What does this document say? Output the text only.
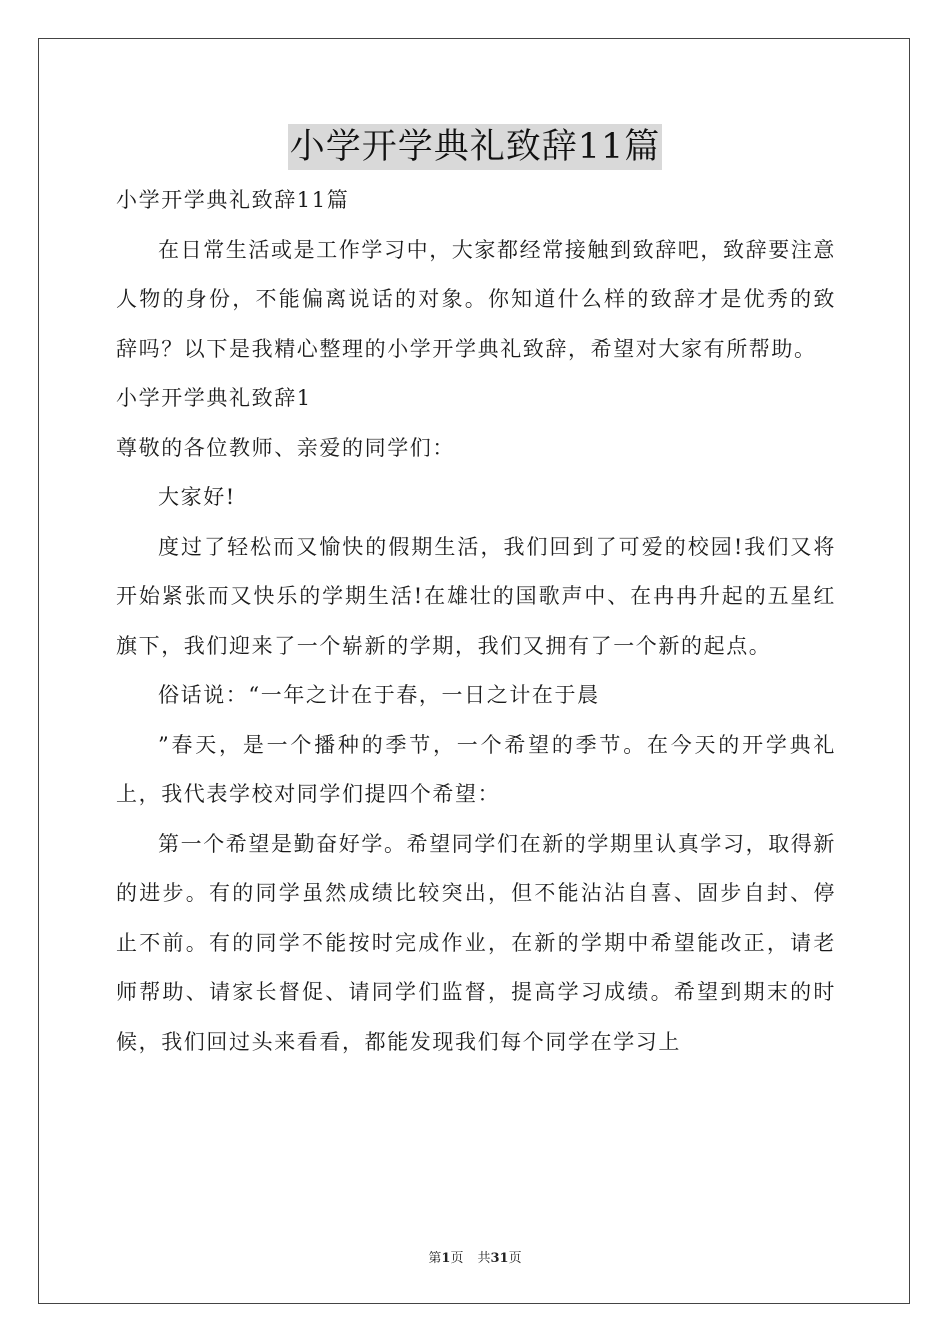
小学开学典礼致辞11篇

小学开学典礼致辞11篇

在日常生活或是工作学习中，大家都经常接触到致辞吧，致辞要注意人物的身份，不能偏离说话的对象。你知道什么样的致辞才是优秀的致辞吗？以下是我精心整理的小学开学典礼致辞，希望对大家有所帮助。

小学开学典礼致辞1

尊敬的各位教师、亲爱的同学们：

大家好!

度过了轻松而又愉快的假期生活，我们回到了可爱的校园!我们又将开始紧张而又快乐的学期生活!在雄壮的国歌声中、在冉冉升起的五星红旗下，我们迎来了一个崭新的学期，我们又拥有了一个新的起点。

俗话说：“一年之计在于春，一日之计在于晨

”春天，是一个播种的季节，一个希望的季节。在今天的开学典礼上，我代表学校对同学们提四个希望：

第一个希望是勤奋好学。希望同学们在新的学期里认真学习，取得新的进步。有的同学虽然成绩比较突出，但不能沾沾自喜、固步自封、停止不前。有的同学不能按时完成作业，在新的学期中希望能改正，请老师帮助、请家长督促、请同学们监督，提高学习成绩。希望到期末的时候，我们回过头来看看，都能发现我们每个同学在学习上

第1页 共31页
